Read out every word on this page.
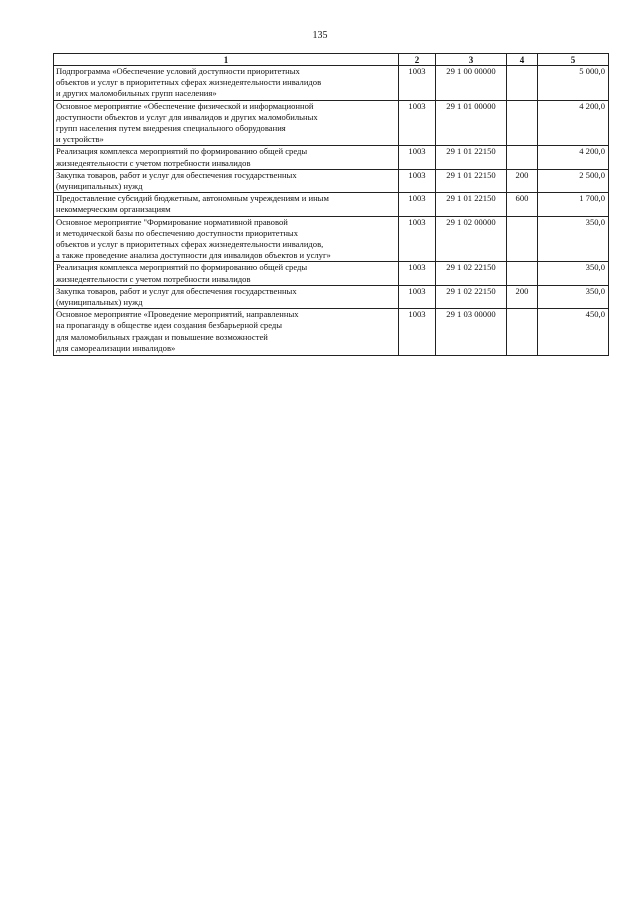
135
1	2	3	4	5

Подпрограмма «Обеспечение условий доступности приоритетных
объектов и услуг в приоритетных сферах жизнедеятельности инвалидов
и других маломобильных групп населения»	1003	29 1 00 00000		5 000,0

Основное мероприятие «Обеспечение физической и информационной
доступности объектов и услуг для инвалидов и других маломобильных
групп населения путем внедрения специального оборудования
и устройств»	1003	29 1 01 00000		4 200,0

Реализация комплекса мероприятий по формированию общей среды
жизнедеятельности с учетом потребности инвалидов	1003	29 1 01 22150		4 200,0

Закупка товаров, работ и услуг для обеспечения государственных
(муниципальных) нужд	1003	29 1 01 22150	200	2 500,0

Предоставление субсидий бюджетным, автономным учреждениям и иным
некоммерческим организациям	1003	29 1 01 22150	600	1 700,0

Основное мероприятие "Формирование нормативной правовой
и методической базы по обеспечению доступности приоритетных
объектов и услуг в приоритетных сферах жизнедеятельности инвалидов,
а также проведение анализа доступности для инвалидов объектов и услуг»	1003	29 1 02 00000		350,0

Реализация комплекса мероприятий по формированию общей среды
жизнедеятельности с учетом потребности инвалидов	1003	29 1 02 22150		350,0

Закупка товаров, работ и услуг для обеспечения государственных
(муниципальных) нужд	1003	29 1 02 22150	200	350,0

Основное мероприятие «Проведение мероприятий, направленных
на пропаганду в обществе идеи создания безбарьерной среды
для маломобильных граждан и повышение возможностей
для самореализации инвалидов»	1003	29 1 03 00000		450,0
